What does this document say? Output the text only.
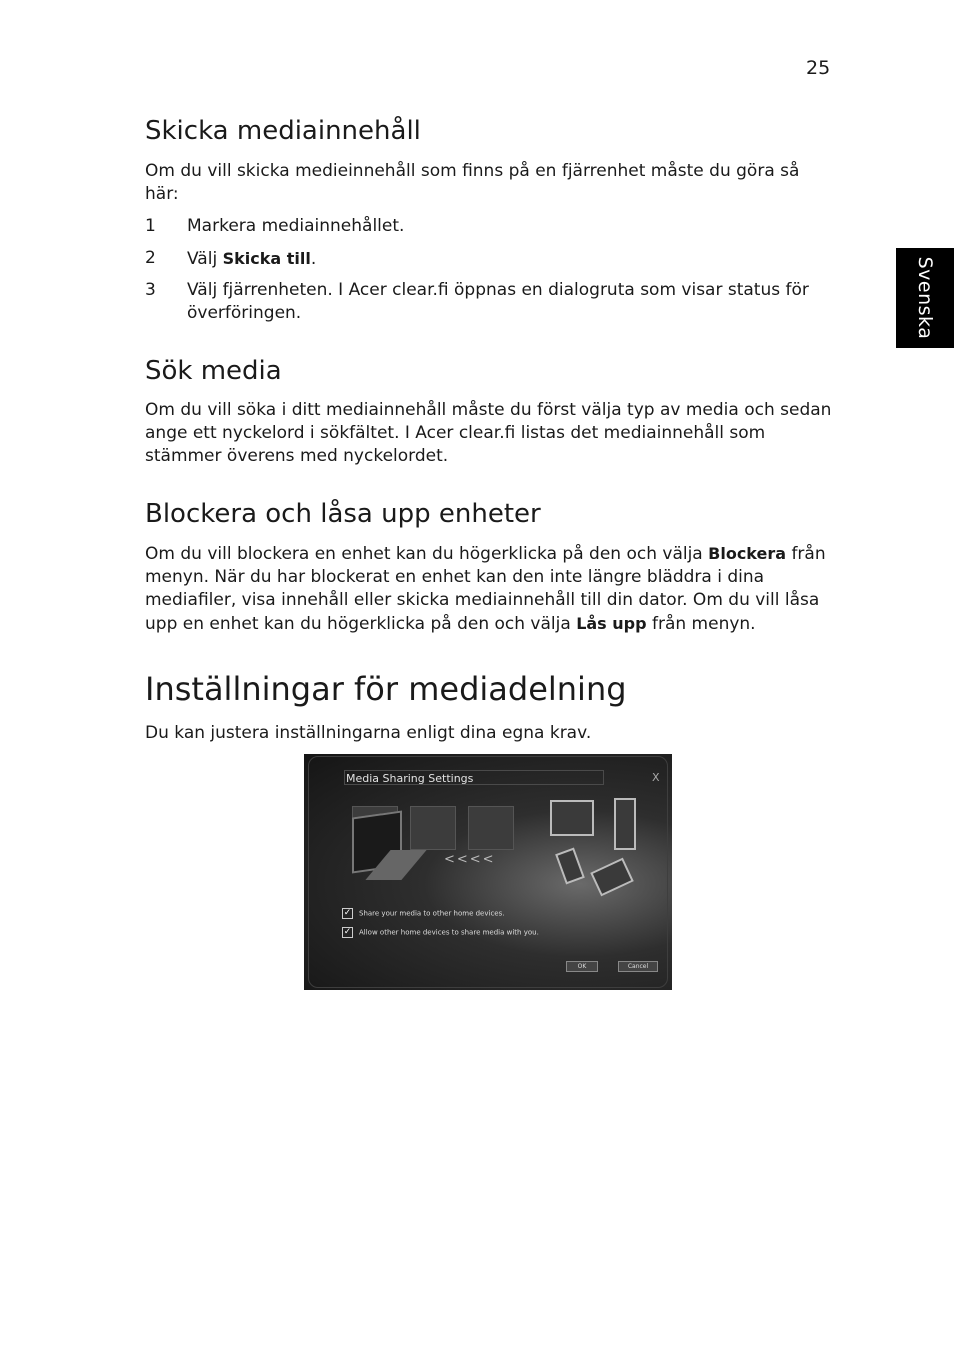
25
Svenska
Skicka mediainnehåll

Om du vill skicka medieinnehåll som finns på en fjärrenhet måste du göra så här:

1 Markera mediainnehållet.
2 Välj Skicka till.
3 Välj fjärrenheten. I Acer clear.fi öppnas en dialogruta som visar status för överföringen.
Sök media

Om du vill söka i ditt mediainnehåll måste du först välja typ av media och sedan ange ett nyckelord i sökfältet. I Acer clear.fi listas det mediainnehåll som stämmer överens med nyckelordet.

Blockera och låsa upp enheter

Om du vill blockera en enhet kan du högerklicka på den och välja Blockera från menyn. När du har blockerat en enhet kan den inte längre bläddra i dina mediafiler, visa innehåll eller skicka mediainnehåll till din dator. Om du vill låsa upp en enhet kan du högerklicka på den och välja Lås upp från menyn.

Inställningar för mediadelning

Du kan justera inställningarna enligt dina egna krav.

Media Sharing Settings	X
<<<<
✓ Share your media to other home devices.
✓ Allow other home devices to share media with you.
OK	Cancel
